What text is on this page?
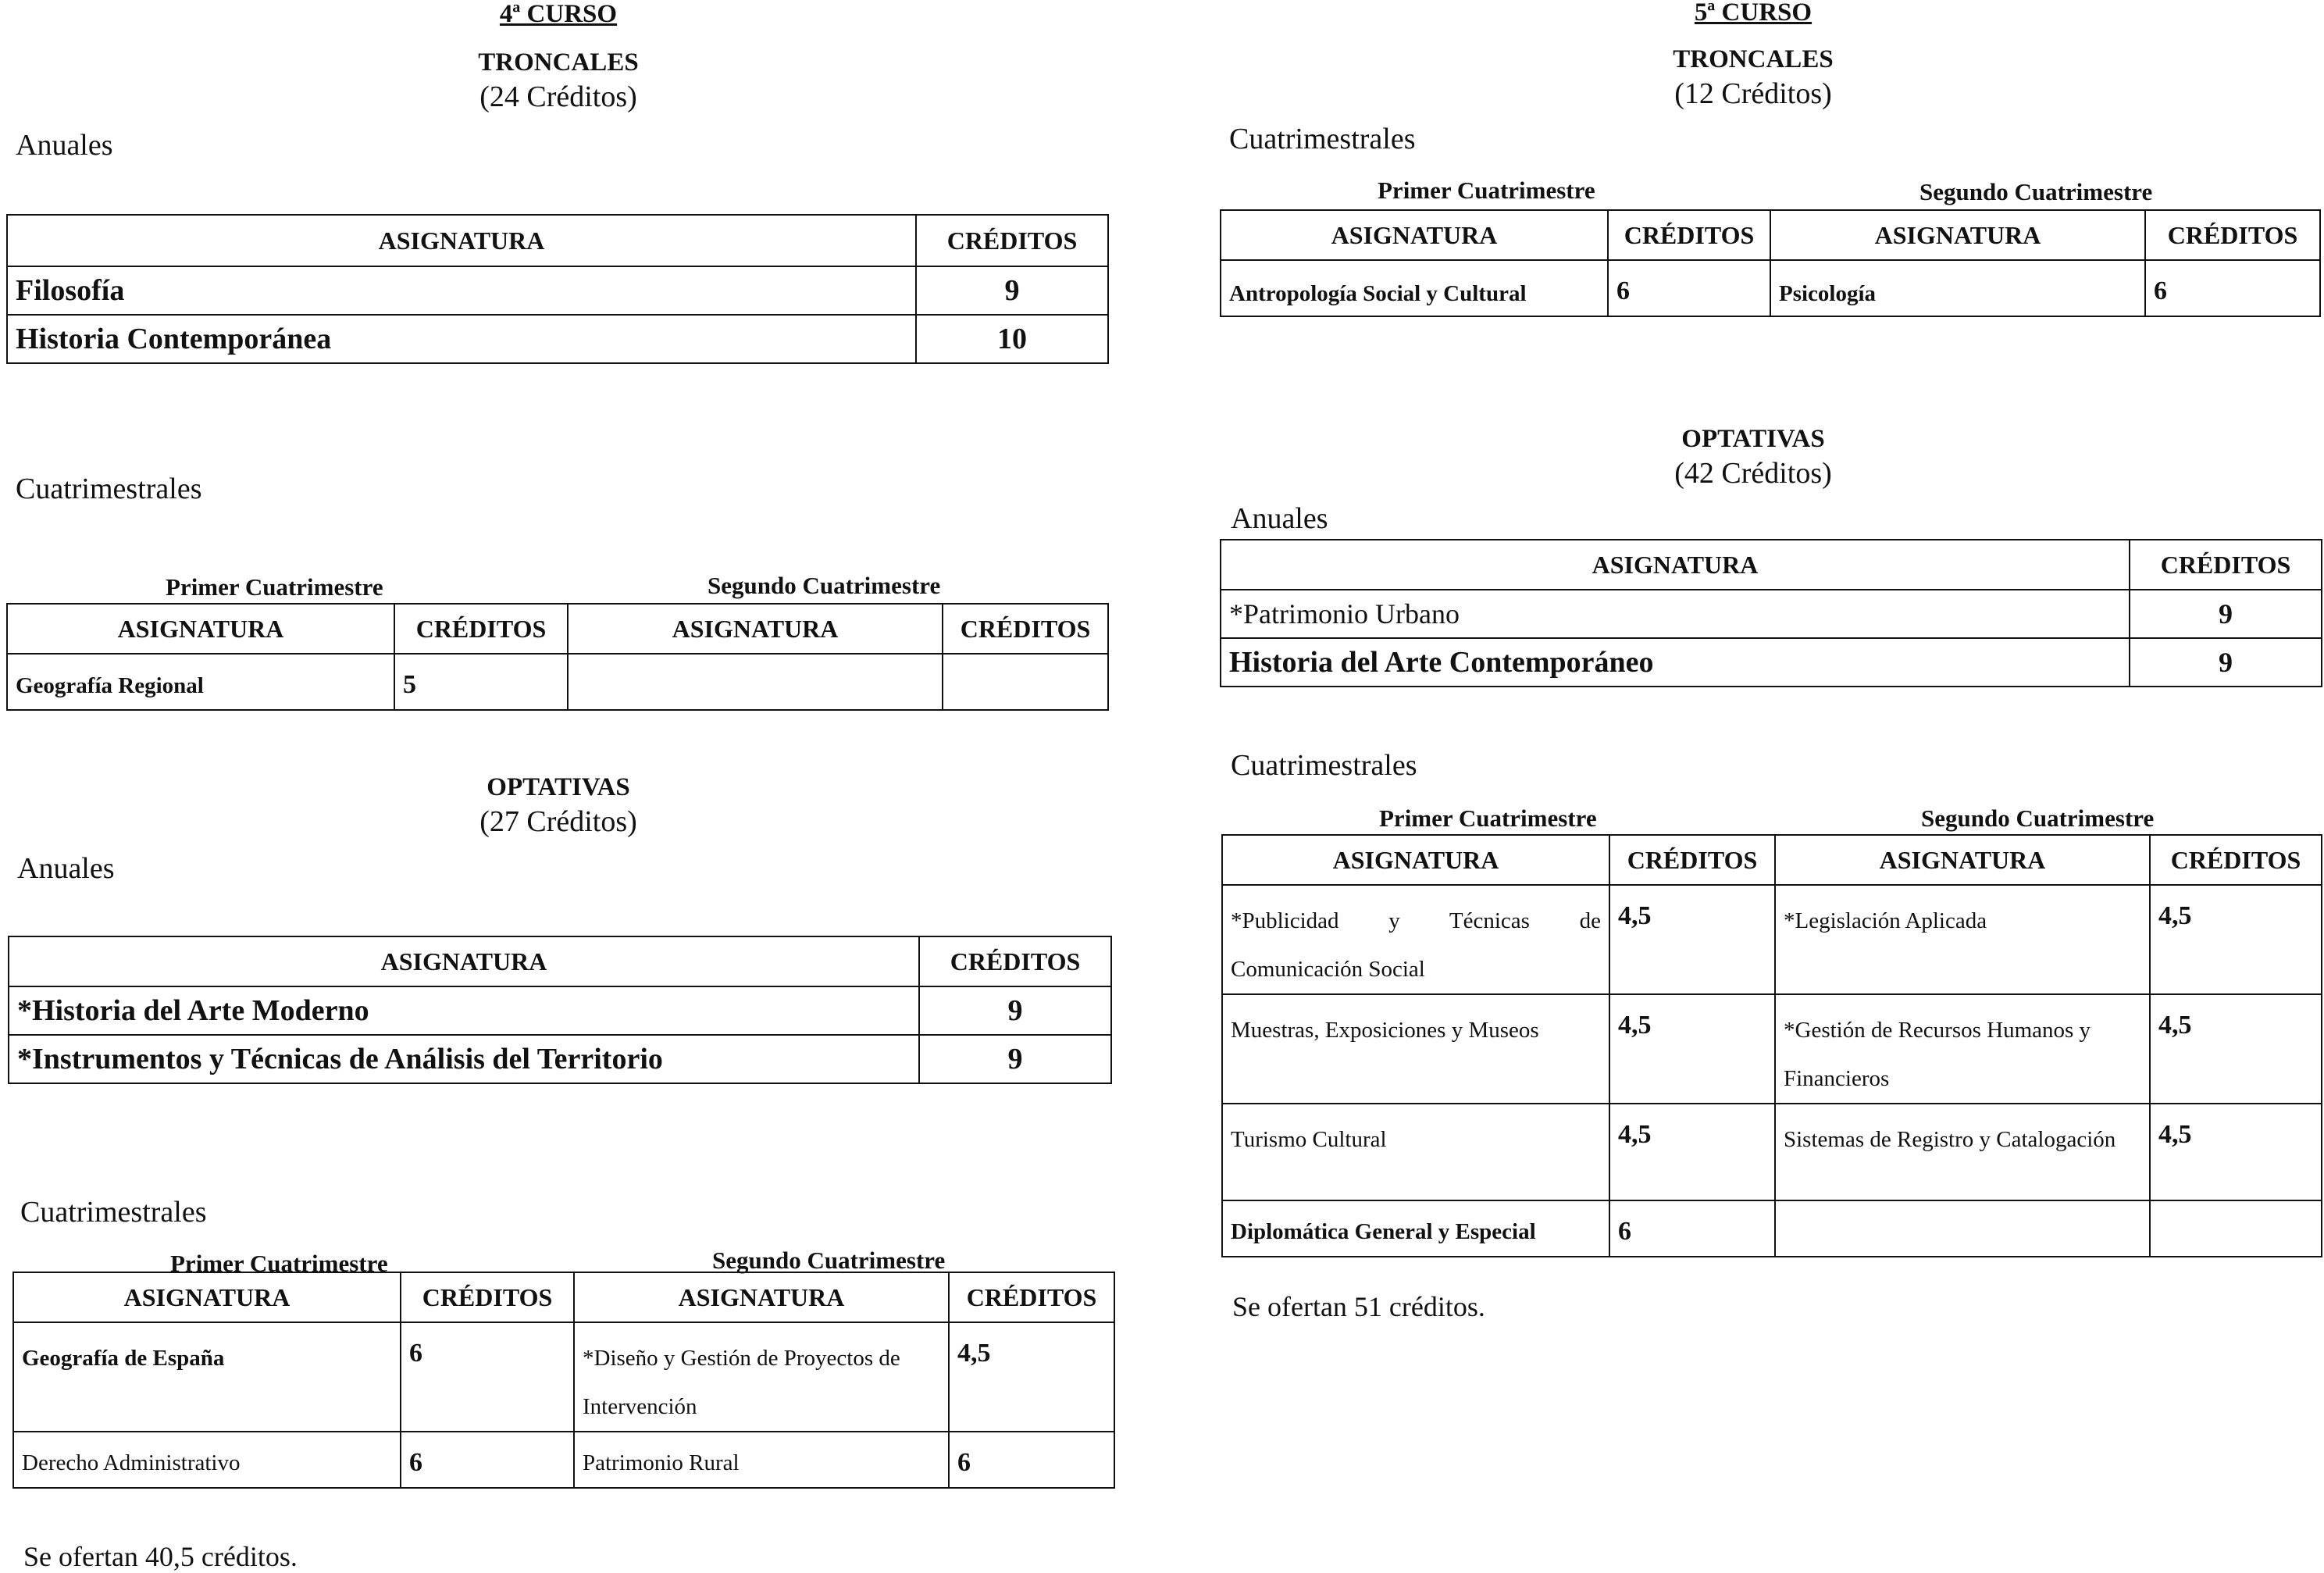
4ª CURSO
TRONCALES
(24 Créditos)
Anuales
ASIGNATURA	CRÉDITOS
Filosofía	9
Historia Contemporánea	10
Cuatrimestrales
Primer Cuatrimestre	Segundo Cuatrimestre
ASIGNATURA	CRÉDITOS	ASIGNATURA	CRÉDITOS
Geografía Regional	5		
OPTATIVAS
(27 Créditos)
Anuales
ASIGNATURA	CRÉDITOS
*Historia del Arte Moderno	9
*Instrumentos y Técnicas de Análisis del Territorio	9
Cuatrimestrales
Primer Cuatrimestre	Segundo Cuatrimestre
ASIGNATURA	CRÉDITOS	ASIGNATURA	CRÉDITOS
Geografía de España	6	*Diseño y Gestión de Proyectos de Intervención	4,5
Derecho Administrativo	6	Patrimonio Rural	6
Se ofertan 40,5 créditos.
5ª CURSO
TRONCALES
(12 Créditos)
Cuatrimestrales
Primer Cuatrimestre	Segundo Cuatrimestre
ASIGNATURA	CRÉDITOS	ASIGNATURA	CRÉDITOS
Antropología Social y Cultural	6	Psicología	6
OPTATIVAS
(42 Créditos)
Anuales
ASIGNATURA	CRÉDITOS
*Patrimonio Urbano	9
Historia del Arte Contemporáneo	9
Cuatrimestrales
Primer Cuatrimestre	Segundo Cuatrimestre
ASIGNATURA	CRÉDITOS	ASIGNATURA	CRÉDITOS
*Publicidad y Técnicas de Comunicación Social	4,5	*Legislación Aplicada	4,5
Muestras, Exposiciones y Museos	4,5	*Gestión de Recursos Humanos y Financieros	4,5
Turismo Cultural	4,5	Sistemas de Registro y Catalogación	4,5
Diplomática General y Especial	6		
Se ofertan 51 créditos.
